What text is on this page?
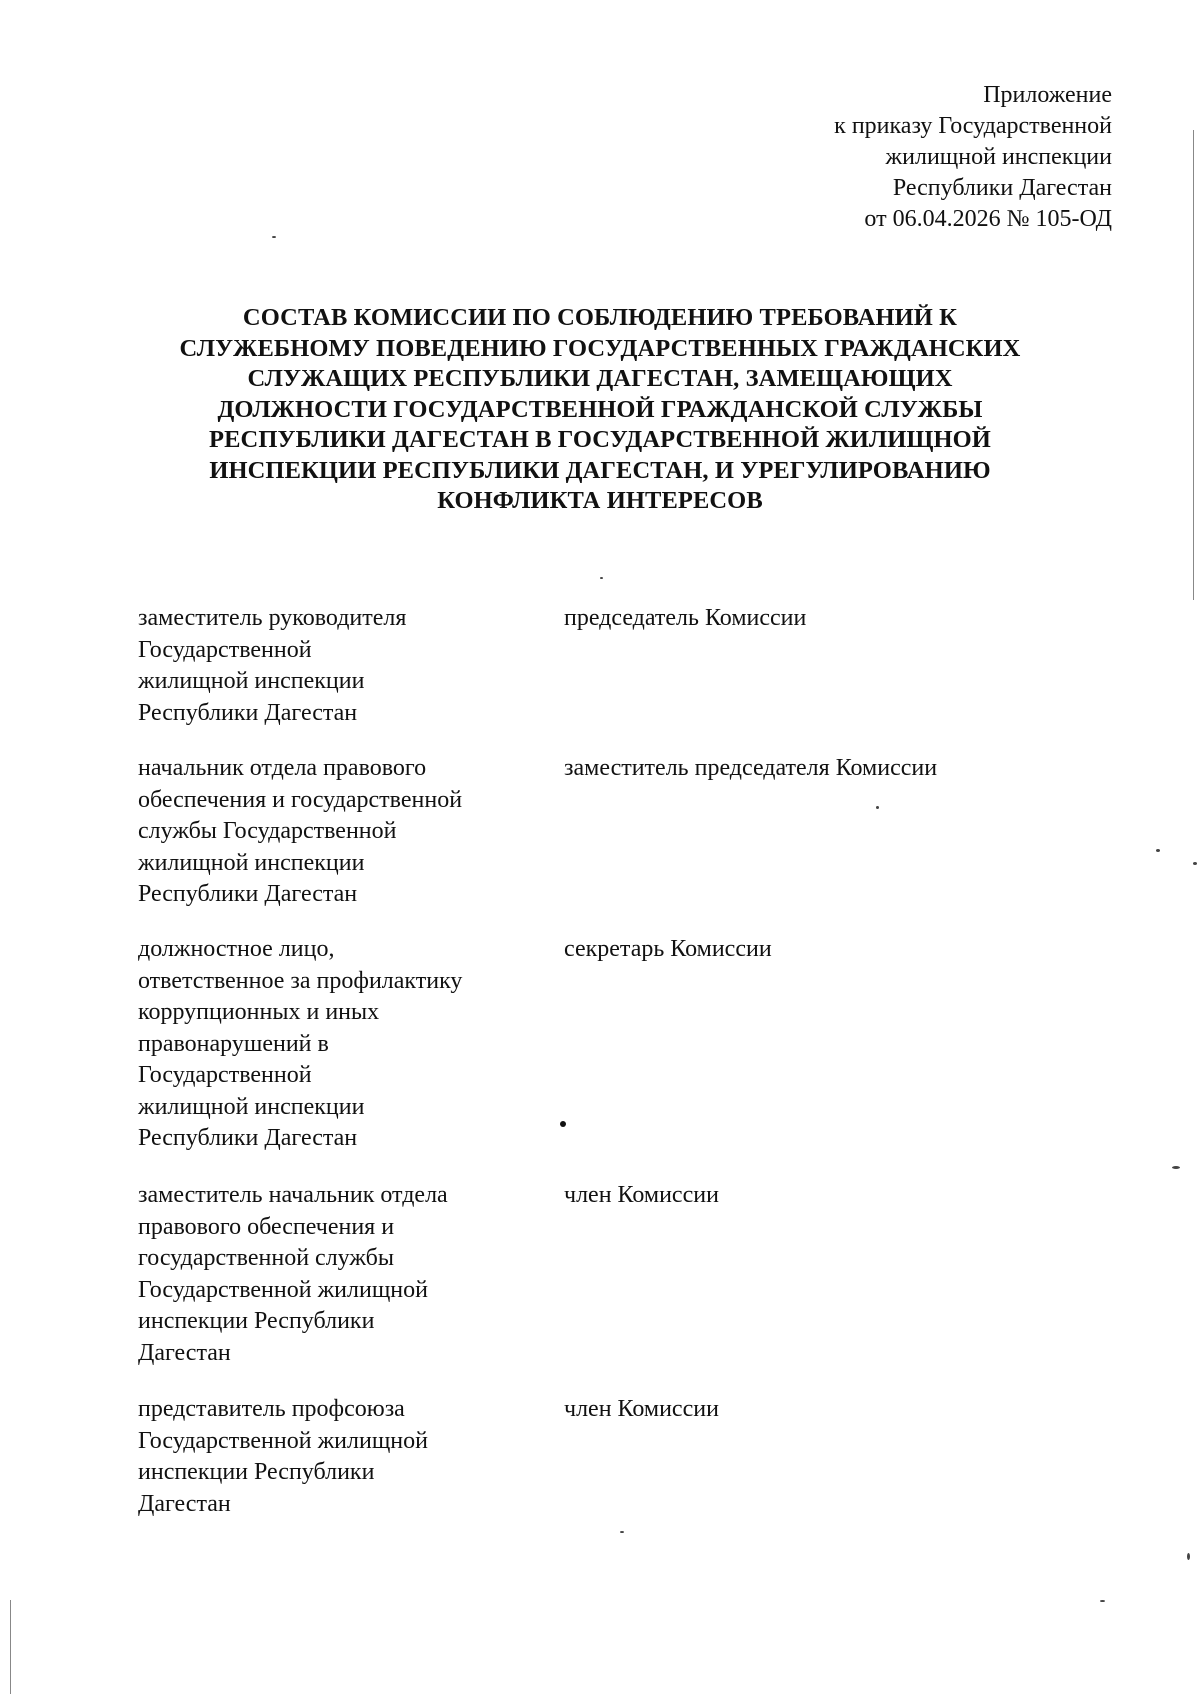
Приложение
к приказу Государственной
жилищной инспекции
Республики Дагестан
от 06.04.2026 № 105-ОД
СОСТАВ КОМИССИИ ПО СОБЛЮДЕНИЮ ТРЕБОВАНИЙ К
СЛУЖЕБНОМУ ПОВЕДЕНИЮ ГОСУДАРСТВЕННЫХ ГРАЖДАНСКИХ
СЛУЖАЩИХ РЕСПУБЛИКИ ДАГЕСТАН, ЗАМЕЩАЮЩИХ
ДОЛЖНОСТИ ГОСУДАРСТВЕННОЙ ГРАЖДАНСКОЙ СЛУЖБЫ
РЕСПУБЛИКИ ДАГЕСТАН В ГОСУДАРСТВЕННОЙ ЖИЛИЩНОЙ
ИНСПЕКЦИИ РЕСПУБЛИКИ ДАГЕСТАН, И УРЕГУЛИРОВАНИЮ
КОНФЛИКТА ИНТЕРЕСОВ
заместитель руководителя
Государственной
жилищной инспекции
Республики Дагестан
председатель Комиссии
начальник отдела правового
обеспечения и государственной
службы Государственной
жилищной инспекции
Республики Дагестан
заместитель председателя Комиссии
должностное лицо,
ответственное за профилактику
коррупционных и иных
правонарушений в
Государственной
жилищной инспекции
Республики Дагестан
секретарь Комиссии
заместитель начальник отдела
правового обеспечения и
государственной службы
Государственной жилищной
инспекции Республики
Дагестан
член Комиссии
представитель профсоюза
Государственной жилищной
инспекции Республики
Дагестан
член Комиссии
